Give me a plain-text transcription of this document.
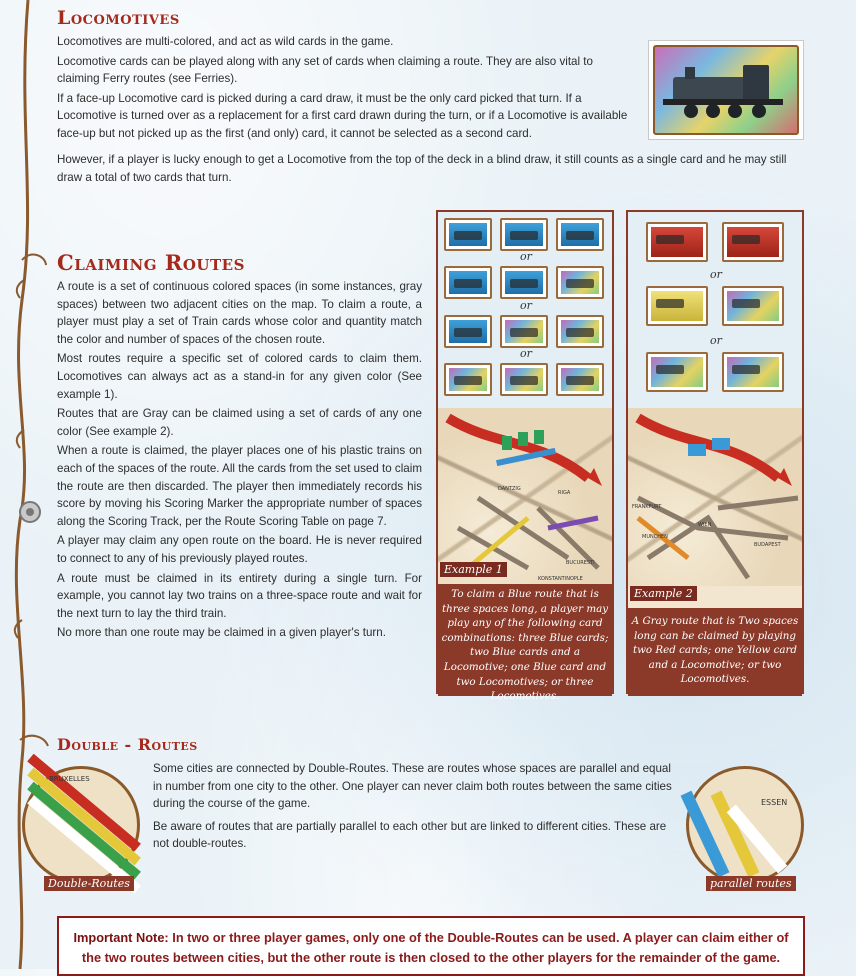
Locomotives

Locomotives are multi-colored, and act as wild cards in the game.

Locomotive cards can be played along with any set of cards when claiming a route. They are also vital to claiming Ferry routes (see Ferries).

If a face-up Locomotive card is picked during a card draw, it must be the only card picked that turn. If a Locomotive is turned over as a replacement for a first card drawn during the turn, or if a Locomotive is available face-up but not picked up as the first (and only) card, it cannot be selected as a second card.

However, if a player is lucky enough to get a Locomotive from the top of the deck in a blind draw, it still counts as a single card and he may still draw a total of two cards that turn.

Claiming Routes

A route is a set of continuous colored spaces (in some instances, gray spaces) between two adjacent cities on the map. To claim a route, a player must play a set of Train cards whose color and quantity match the color and number of spaces of the chosen route.

Most routes require a specific set of colored cards to claim them. Locomotives can always act as a stand-in for any given color (See example 1).

Routes that are Gray can be claimed using a set of cards of any one color (See example 2).

When a route is claimed, the player places one of his plastic trains on each of the spaces of the route. All the cards from the set used to claim the route are then discarded. The player then immediately records his score by moving his Scoring Marker the appropriate number of spaces along the Scoring Track, per the Route Scoring Table on page 7.

A player may claim any open route on the board. He is never required to connect to any of his previously played routes.

A route must be claimed in its entirety during a single turn. For example, you cannot lay two trains on a three-space route and wait for the next turn to lay the third train.

No more than one route may be claimed in a given player's turn.

or
or
or
DANTZIG
RIGA
KONSTANTINOPLE
BUCURESTI
Example 1
To claim a Blue route that is three spaces long, a player may play any of the following card combinations: three Blue cards; two Blue cards and a Locomotive; one Blue card and two Locomotives; or three Locomotives.
or
or
FRANKFURT
WIEN
MUNCHEN
BUDAPEST
Example 2
A Gray route that is Two spaces long can be claimed by playing two Red cards; one Yellow card and a Locomotive; or two Locomotives.
Double - Routes
BRUXELLES
Double-Routes

Some cities are connected by Double-Routes. These are routes whose spaces are parallel and equal in number from one city to the other. One player can never claim both routes between the same cities during the course of the game.

Be aware of routes that are partially parallel to each other but are linked to different cities. These are not double-routes.

ESSEN
parallel routes
Important Note: In two or three player games, only one of the Double-Routes can be used. A player can claim either of the two routes between cities, but the other route is then closed to the other players for the remainder of the game.
